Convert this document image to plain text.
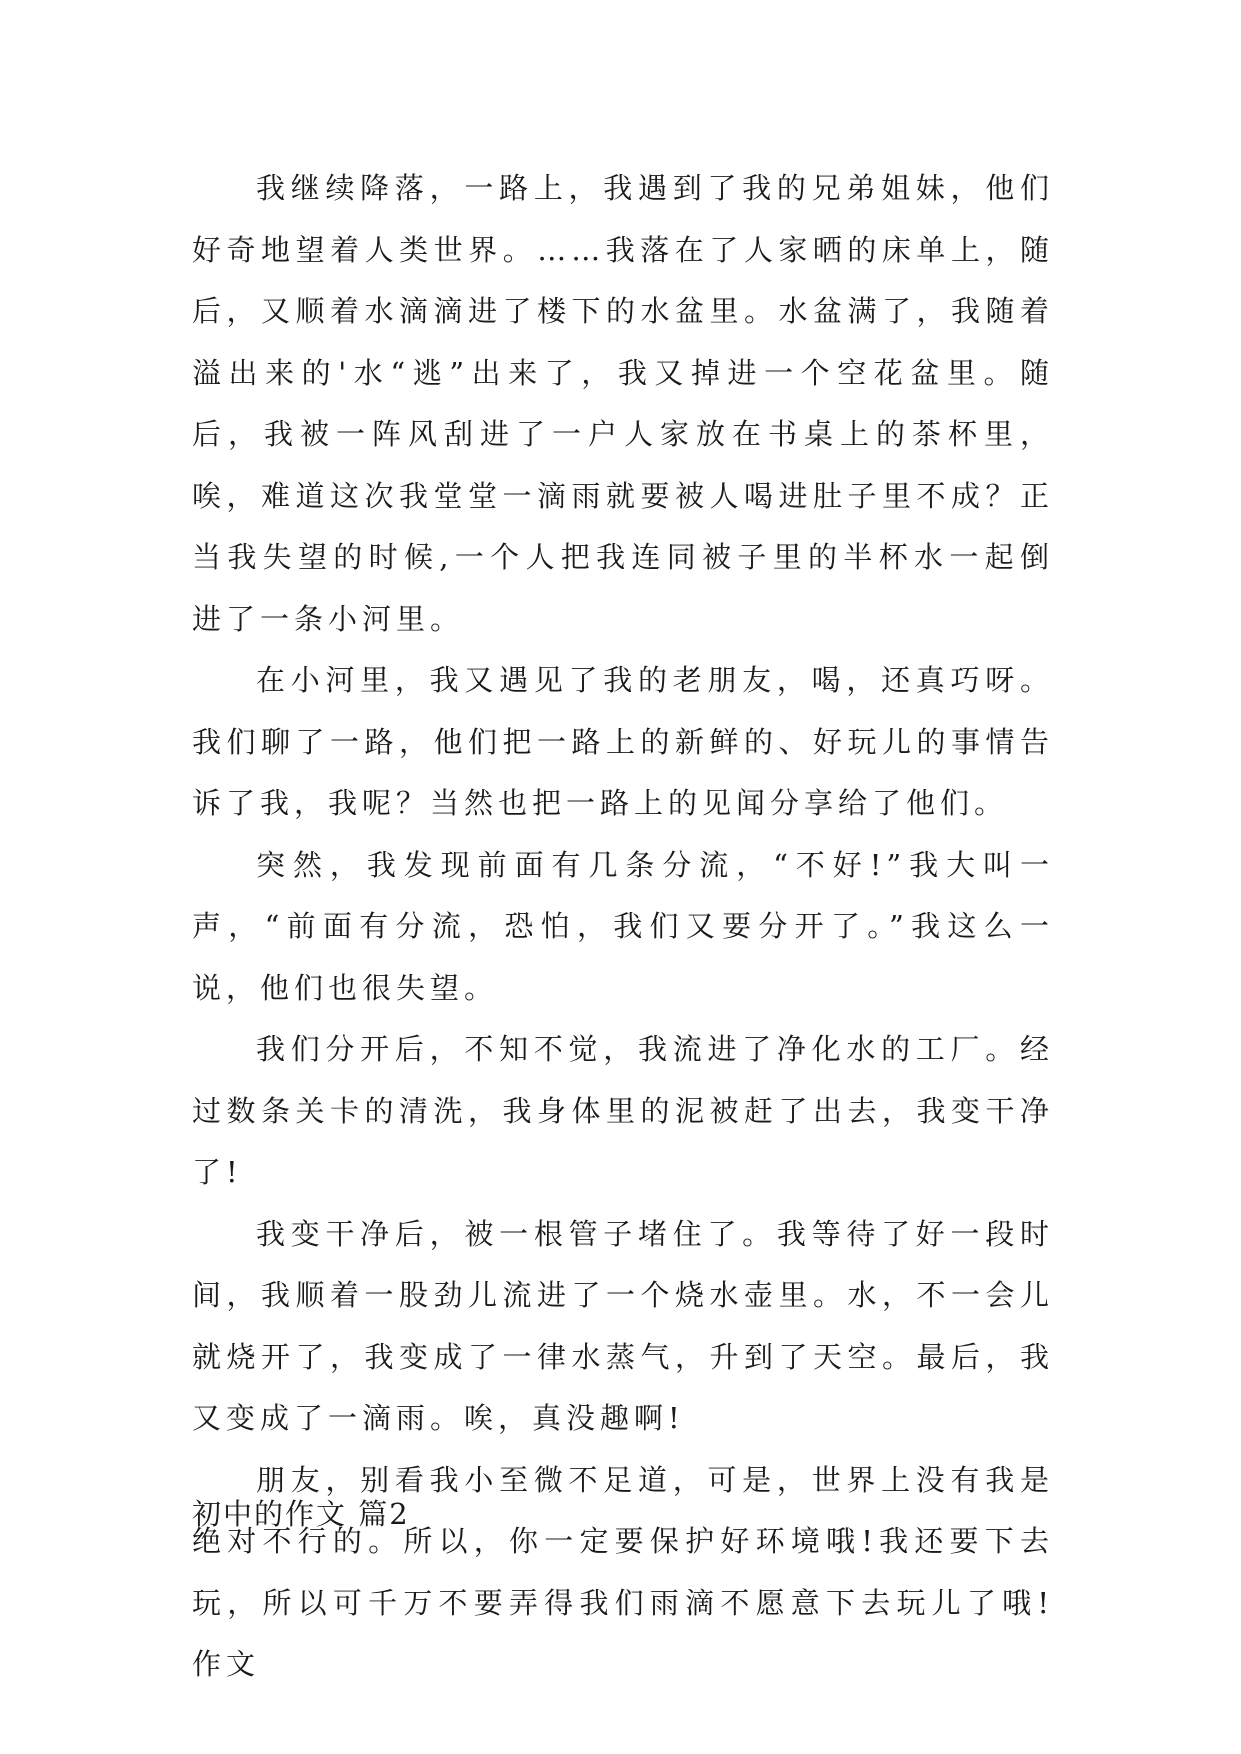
我继续降落，一路上，我遇到了我的兄弟姐妹，他们好奇地望着人类世界。……我落在了人家晒的床单上，随后，又顺着水滴滴进了楼下的水盆里。水盆满了，我随着溢出来的'水“逃”出来了，我又掉进一个空花盆里。随后，我被一阵风刮进了一户人家放在书桌上的茶杯里，唉，难道这次我堂堂一滴雨就要被人喝进肚子里不成？正当我失望的时候,一个人把我连同被子里的半杯水一起倒进了一条小河里。

在小河里，我又遇见了我的老朋友，喝，还真巧呀。我们聊了一路，他们把一路上的新鲜的、好玩儿的事情告诉了我，我呢？当然也把一路上的见闻分享给了他们。

突然，我发现前面有几条分流，“不好!”我大叫一声，“前面有分流，恐怕，我们又要分开了。”我这么一说，他们也很失望。

我们分开后，不知不觉，我流进了净化水的工厂。经过数条关卡的清洗，我身体里的泥被赶了出去，我变干净了!

我变干净后，被一根管子堵住了。我等待了好一段时间，我顺着一股劲儿流进了一个烧水壶里。水，不一会儿就烧开了，我变成了一律水蒸气，升到了天空。最后，我又变成了一滴雨。唉，真没趣啊!

朋友，别看我小至微不足道，可是，世界上没有我是绝对不行的。所以，你一定要保护好环境哦!我还要下去玩，所以可千万不要弄得我们雨滴不愿意下去玩儿了哦!作文

初中的作文 篇2
